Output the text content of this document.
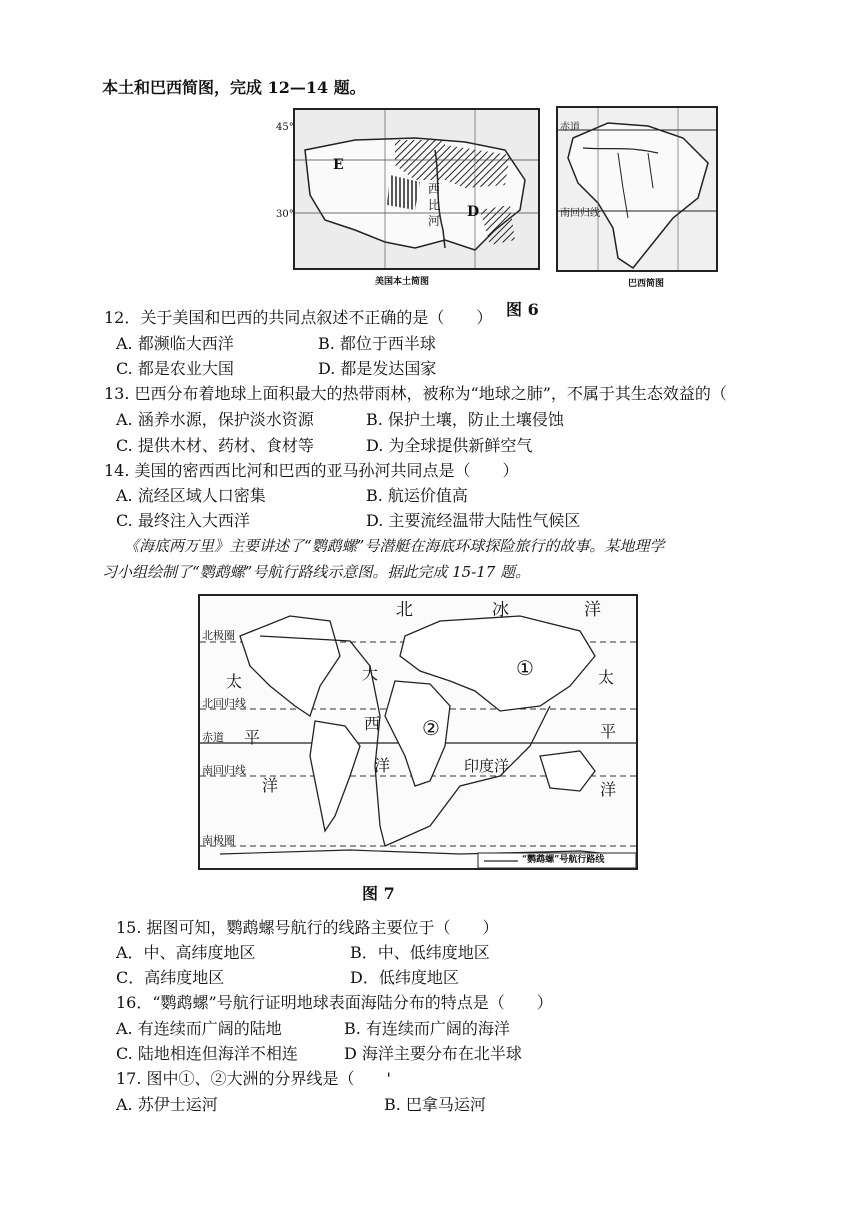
本土和巴西简图，完成 12—14 题。
E
D
西
比
河
45°
30°
美国本土简图
赤道
南回归线
巴西简图
图 6
12．关于美国和巴西的共同点叙述不正确的是（　　）
A. 都濒临大西洋	B. 都位于西半球
C. 都是农业大国	D. 都是发达国家
13. 巴西分布着地球上面积最大的热带雨林，被称为“地球之肺”，不属于其生态效益的（
A. 涵养水源，保护淡水资源	B. 保护土壤，防止土壤侵蚀
C. 提供木材、药材、食材等	D. 为全球提供新鲜空气
14. 美国的密西西比河和巴西的亚马孙河共同点是（　　）
A. 流经区域人口密集	B. 航运价值高
C. 最终注入大西洋	D. 主要流经温带大陆性气候区
《海底两万里》主要讲述了“鹦鹉螺”号潜艇在海底环球探险旅行的故事。某地理学
习小组绘制了“鹦鹉螺”号航行路线示意图。据此完成 15-17 题。
北	冰	洋
北极圈
北回归线
赤道
南回归线
南极圈
太
平
洋
太
平
洋
大
西
洋	印度洋
①
②
“鹦鹉螺”号航行路线
图 7
15. 据图可知，鹦鹉螺号航行的线路主要位于（　　）
A．中、高纬度地区	B．中、低纬度地区
C．高纬度地区	D．低纬度地区
16．“鹦鹉螺”号航行证明地球表面海陆分布的特点是（　　）
A. 有连续而广阔的陆地	B. 有连续而广阔的海洋
C. 陆地相连但海洋不相连	D 海洋主要分布在北半球
17. 图中①、②大洲的分界线是（　　'
A. 苏伊士运河	B. 巴拿马运河
